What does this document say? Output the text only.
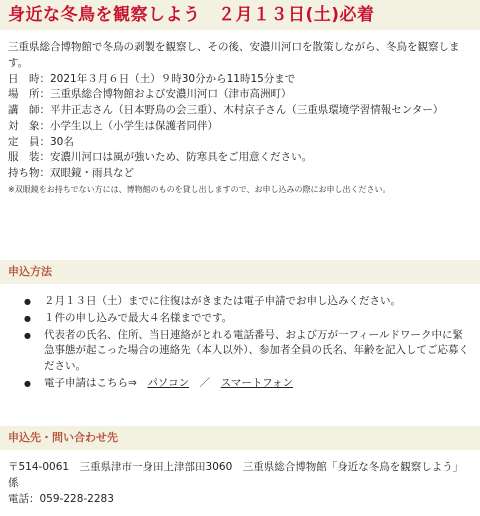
身近な冬鳥を観察しよう　２月１３日(土)必着
三重県総合博物館で冬鳥の剥製を観察し、その後、安濃川河口を散策しながら、冬鳥を観察します。
日　時 ： 2021年３月６日（土）９時30分から11時15分まで
場　所 ： 三重県総合博物館および安濃川河口（津市高洲町）
講　師 ： 平井正志さん（日本野鳥の会三重）、木村京子さん（三重県環境学習情報センター）
対　象 ： 小学生以上（小学生は保護者同伴）
定　員 ： 30名
服　装 ： 安濃川河口は風が強いため、防寒具をご用意ください。
持ち物 ： 双眼鏡・雨具など
※双眼鏡をお持ちでない方には、博物館のものを貸し出しますので、お申し込みの際にお申し出ください。
申込方法
● ２月１３日（土）までに往復はがきまたは電子申請でお申し込みください。
● １件の申し込みで最大４名様までです。
● 代表者の氏名、住所、当日連絡がとれる電話番号、および万が一フィールドワーク中に緊急事態が起こった場合の連絡先（本人以外）、参加者全員の氏名、年齢を記入してご応募ください。
● 電子申請はこちら⇒　パソコン　／　スマートフォン
申込先・問い合わせ先
〒514-0061　三重県津市一身田上津部田3060　三重県総合博物館「身近な冬鳥を観察しよう」係
電話：059-228-2283
